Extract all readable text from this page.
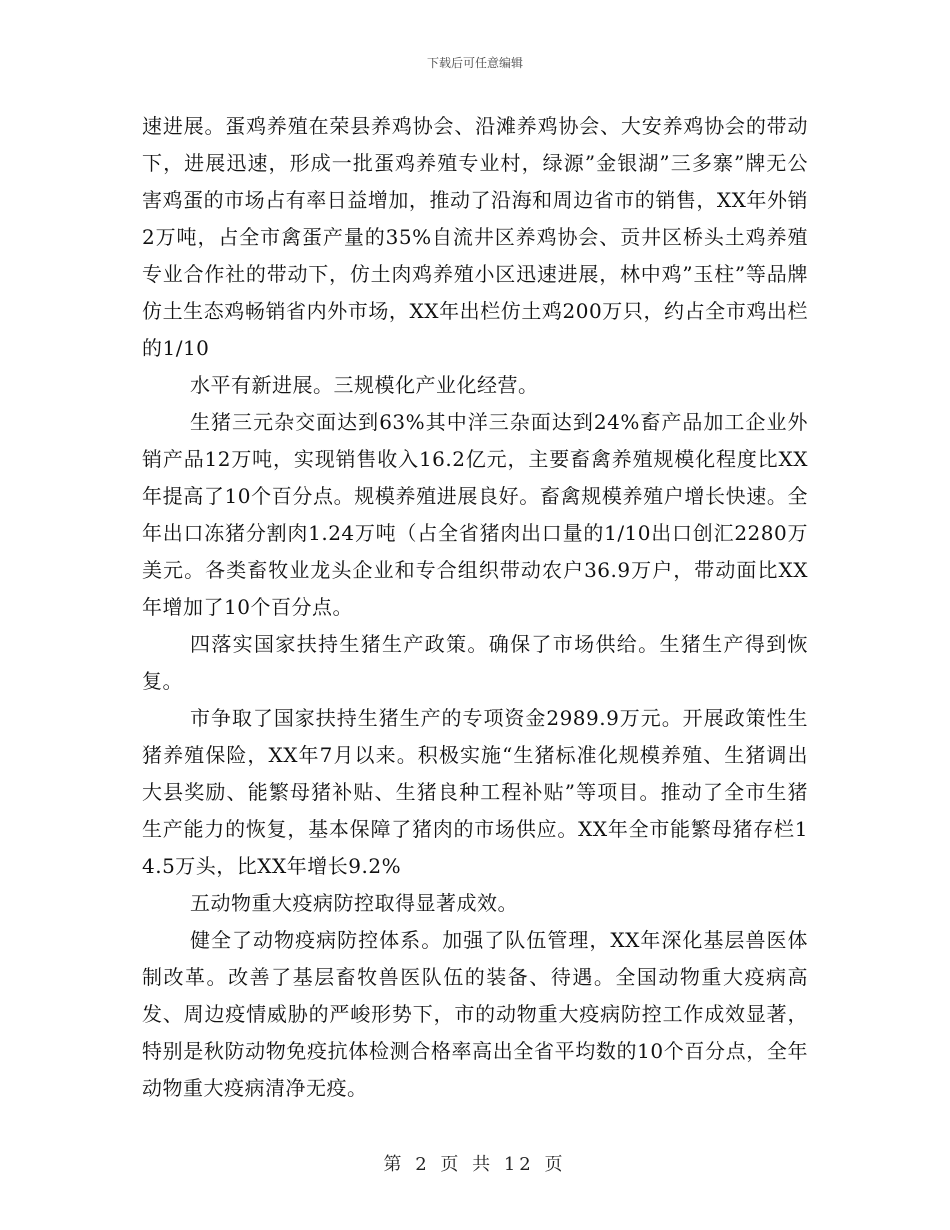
下载后可任意编辑

速进展。蛋鸡养殖在荣县养鸡协会、沿滩养鸡协会、大安养鸡协会的带动下，进展迅速，形成一批蛋鸡养殖专业村，绿源”金银湖”三多寨”牌无公害鸡蛋的市场占有率日益增加，推动了沿海和周边省市的销售，XX年外销2万吨，占全市禽蛋产量的35%自流井区养鸡协会、贡井区桥头土鸡养殖专业合作社的带动下，仿土肉鸡养殖小区迅速进展，林中鸡”玉柱”等品牌仿土生态鸡畅销省内外市场，XX年出栏仿土鸡200万只，约占全市鸡出栏的1/10

水平有新进展。三规模化产业化经营。

生猪三元杂交面达到63%其中洋三杂面达到24%畜产品加工企业外销产品12万吨，实现销售收入16.2亿元，主要畜禽养殖规模化程度比XX年提高了10个百分点。规模养殖进展良好。畜禽规模养殖户增长快速。全年出口冻猪分割肉1.24万吨（占全省猪肉出口量的1/10出口创汇2280万美元。各类畜牧业龙头企业和专合组织带动农户36.9万户，带动面比XX年增加了10个百分点。

四落实国家扶持生猪生产政策。确保了市场供给。生猪生产得到恢复。

市争取了国家扶持生猪生产的专项资金2989.9万元。开展政策性生猪养殖保险，XX年7月以来。积极实施“生猪标准化规模养殖、生猪调出大县奖励、能繁母猪补贴、生猪良种工程补贴”等项目。推动了全市生猪生产能力的恢复，基本保障了猪肉的市场供应。XX年全市能繁母猪存栏14.5万头，比XX年增长9.2%

五动物重大疫病防控取得显著成效。

健全了动物疫病防控体系。加强了队伍管理，XX年深化基层兽医体制改革。改善了基层畜牧兽医队伍的装备、待遇。全国动物重大疫病高发、周边疫情威胁的严峻形势下，市的动物重大疫病防控工作成效显著，特别是秋防动物免疫抗体检测合格率高出全省平均数的10个百分点，全年动物重大疫病清净无疫。

第 2 页 共 12 页
